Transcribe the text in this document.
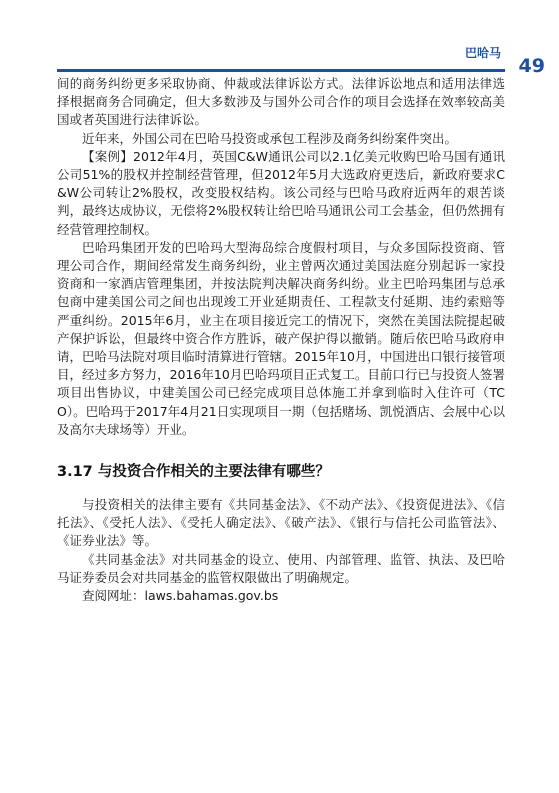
巴哈马
49

间的商务纠纷更多采取协商、仲裁或法律诉讼方式。法律诉讼地点和适用法律选择根据商务合同确定，但大多数涉及与国外公司合作的项目会选择在效率较高美国或者英国进行法律诉讼。

近年来，外国公司在巴哈马投资或承包工程涉及商务纠纷案件突出。

【案例】2012年4月，英国C&W通讯公司以2.1亿美元收购巴哈马国有通讯公司51%的股权并控制经营管理，但2012年5月大选政府更迭后，新政府要求C&W公司转让2%股权，改变股权结构。该公司经与巴哈马政府近两年的艰苦谈判，最终达成协议，无偿将2%股权转让给巴哈马通讯公司工会基金，但仍然拥有经营管理控制权。

巴哈玛集团开发的巴哈玛大型海岛综合度假村项目，与众多国际投资商、管理公司合作，期间经常发生商务纠纷，业主曾两次通过美国法庭分别起诉一家投资商和一家酒店管理集团，并按法院判决解决商务纠纷。业主巴哈玛集团与总承包商中建美国公司之间也出现竣工开业延期责任、工程款支付延期、违约索赔等严重纠纷。2015年6月，业主在项目接近完工的情况下，突然在美国法院提起破产保护诉讼，但最终中资合作方胜诉，破产保护得以撤销。随后依巴哈马政府申请，巴哈马法院对项目临时清算进行管辖。2015年10月，中国进出口银行接管项目，经过多方努力，2016年10月巴哈玛项目正式复工。目前口行已与投资人签署项目出售协议，中建美国公司已经完成项目总体施工并拿到临时入住许可（TCO）。巴哈玛于2017年4月21日实现项目一期（包括赌场、凯悦酒店、会展中心以及高尔夫球场等）开业。

3.17 与投资合作相关的主要法律有哪些？

与投资相关的法律主要有《共同基金法》、《不动产法》、《投资促进法》、《信托法》、《受托人法》、《受托人确定法》、《破产法》、《银行与信托公司监管法》、《证券业法》等。

《共同基金法》对共同基金的设立、使用、内部管理、监管、执法、及巴哈马证券委员会对共同基金的监管权限做出了明确规定。

查阅网址：laws.bahamas.gov.bs
